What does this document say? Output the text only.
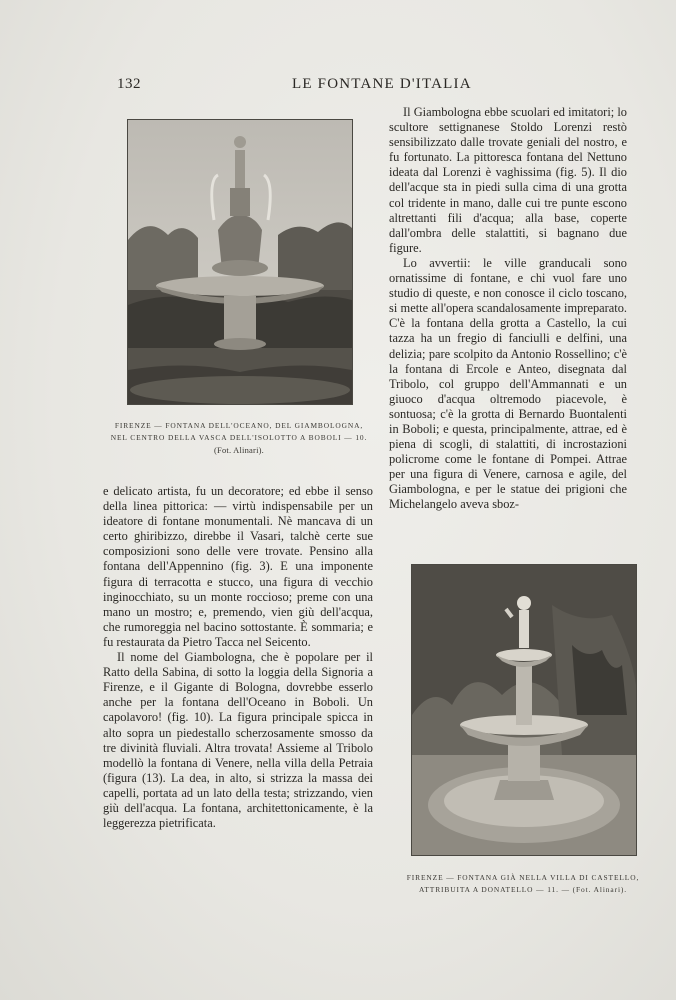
132	LE FONTANE D'ITALIA
FIRENZE — FONTANA DELL'OCEANO, DEL GIAMBOLOGNA,
NEL CENTRO DELLA VASCA DELL'ISOLOTTO A BOBOLI — 10.
(Fot. Alinari).

Il Giambologna ebbe scuolari ed imitatori; lo scultore settignanese Stoldo Lorenzi restò sensibilizzato dalle trovate geniali del nostro, e fu fortunato. La pittoresca fontana del Nettuno ideata dal Lorenzi è vaghissima (fig. 5). Il dio dell'acque sta in piedi sulla cima di una grotta col tridente in mano, dalle cui tre punte escono altrettanti fili d'acqua; alla base, coperte dall'ombra delle stalattiti, si bagnano due figure.

Lo avvertii: le ville granducali sono ornatissime di fontane, e chi vuol fare uno studio di queste, e non conosce il ciclo toscano, si mette all'opera scandalosamente impreparato. C'è la fontana della grotta a Castello, la cui tazza ha un fregio di fanciulli e delfini, una delizia; pare scolpito da Antonio Rossellino; c'è la fontana di Ercole e Anteo, disegnata dal Tribolo, col gruppo dell'Ammannati e un giuoco d'acqua oltremodo piacevole, è sontuosa; c'è la grotta di Bernardo Buontalenti in Boboli; e questa, principalmente, attrae, ed è piena di scogli, di stalattiti, di incrostazioni policrome come le fontane di Pompei. Attrae per una figura di Venere, carnosa e agile, del Giambologna, e per le statue dei prigioni che Michelangelo aveva sboz-

e delicato artista, fu un decoratore; ed ebbe il senso della linea pittorica: — virtù indispensabile per un ideatore di fontane monumentali. Nè mancava di un certo ghiribizzo, direbbe il Vasari, talchè certe sue composizioni sono delle vere trovate. Pensino alla fontana dell'Appennino (fig. 3). E una imponente figura di terracotta e stucco, una figura di vecchio inginocchiato, su un monte roccioso; preme con una mano un mostro; e, premendo, vien giù dell'acqua, che rumoreggia nel bacino sottostante. È sommaria; e fu restaurata da Pietro Tacca nel Seicento.

Il nome del Giambologna, che è popolare per il Ratto della Sabina, di sotto la loggia della Signoria a Firenze, e il Gigante di Bologna, dovrebbe esserlo anche per la fontana dell'Oceano in Boboli. Un capolavoro! (fig. 10). La figura principale spicca in alto sopra un piedestallo scherzosamente smosso da tre divinità fluviali. Altra trovata! Assieme al Tribolo modellò la fontana di Venere, nella villa della Petraia (figura (13). La dea, in alto, si strizza la massa dei capelli, portata ad un lato della testa; strizzando, vien giù dell'acqua. La fontana, architettonicamente, è la leggerezza pietrificata.

FIRENZE — FONTANA GIÀ NELLA VILLA DI CASTELLO,
ATTRIBUITA A DONATELLO — 11. — (Fot. Alinari).
